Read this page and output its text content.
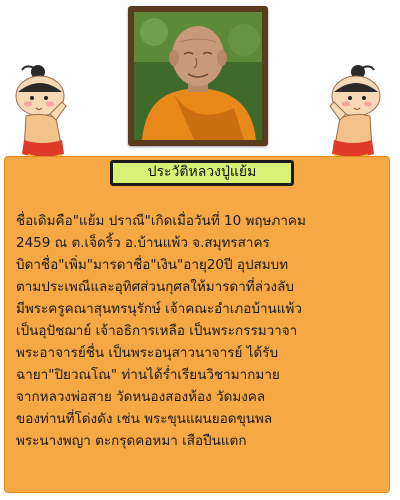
ประวัติหลวงปู่แย้ม
ชื่อเดิมคือ"แย้ม ปราณี"เกิดเมื่อวันที่ 10 พฤษภาคม
2459 ณ ต.เจ็ดริ้ว อ.บ้านแพ้ว จ.สมุทรสาคร
บิดาชื่อ"เพิ่ม"มารดาชื่อ"เงิน"อายุ20ปี อุปสมบท
ตามประเพณีและอุทิศส่วนกุศลให้มารดาที่ล่วงลับ
มีพระครูคณาสุนทรนุรักษ์ เจ้าคณะอำเภอบ้านแพ้ว
เป็นอุปัชฌาย์ เจ้าอธิการเหลือ เป็นพระกรรมวาจา
พระอาจารย์ชื่น เป็นพระอนุสาวนาจารย์ ได้รับ
ฉายา"ปิยวณโณ" ท่านได้ร่ำเรียนวิชามากมาย
จากหลวงพ่อสาย วัดหนองสองห้อง วัดมงคล
ของท่านที่โด่งดัง เช่น พระขุนแผนยอดขุนพล
พระนางพญา ตะกรุดคอหมา เสือปืนแตก
